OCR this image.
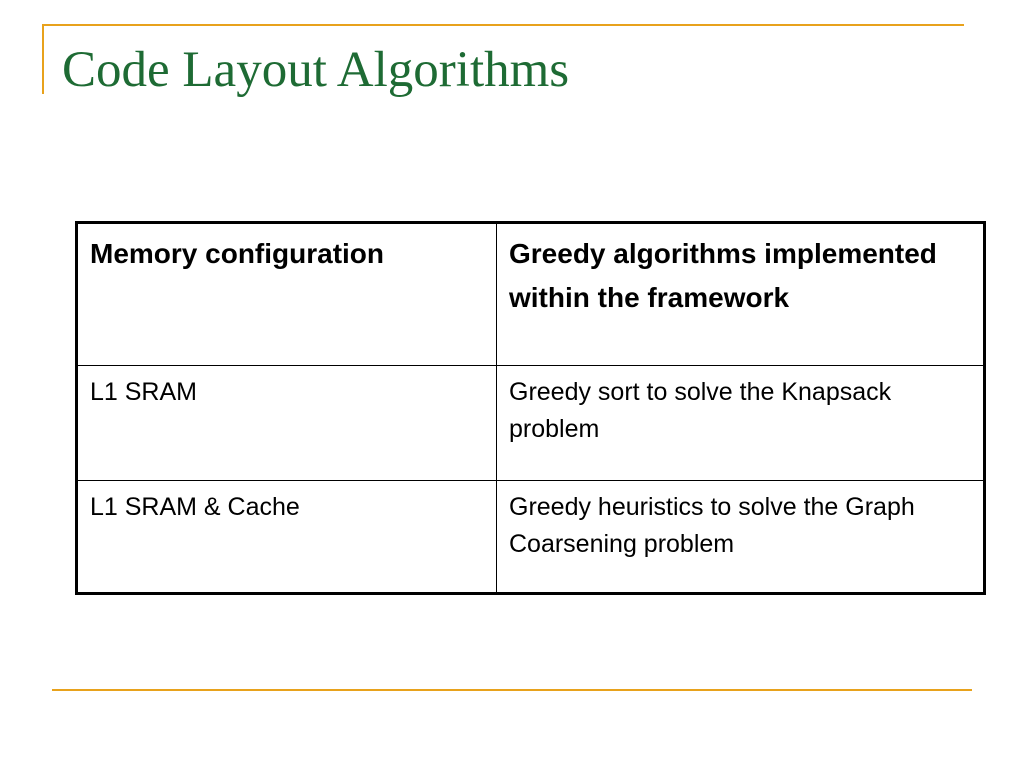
Code Layout Algorithms
Memory configuration	Greedy algorithms implemented within the framework
L1 SRAM	Greedy sort to solve the Knapsack problem
L1 SRAM & Cache	Greedy heuristics to solve the Graph Coarsening problem
